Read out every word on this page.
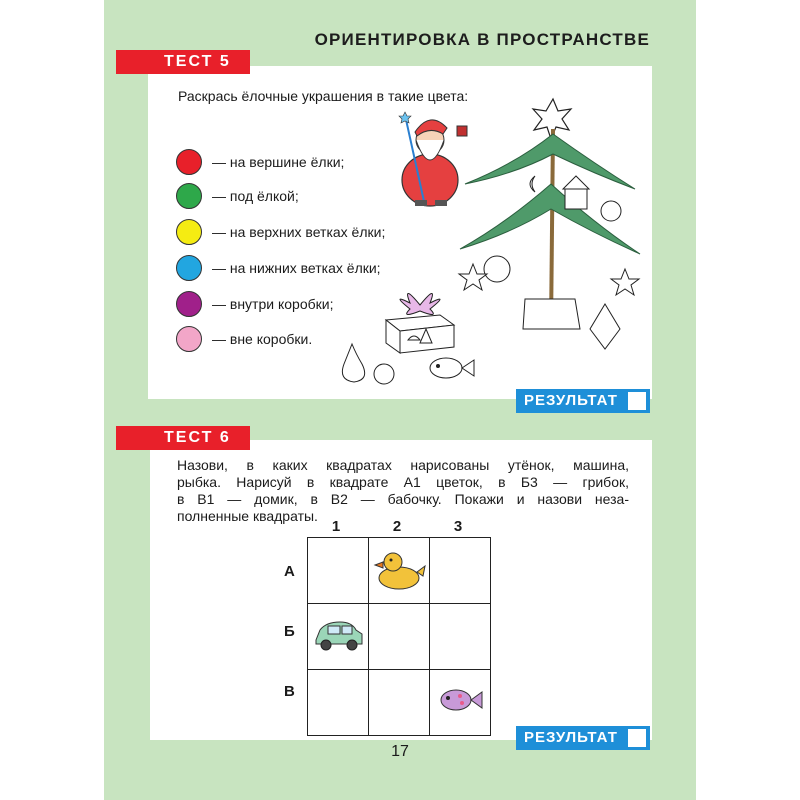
ОРИЕНТИРОВКА В ПРОСТРАНСТВЕ
ТЕСТ 5
Раскрась ёлочные украшения в такие цвета:
— на вершине ёлки;
— под ёлкой;
— на верхних ветках ёлки;
— на нижних ветках ёлки;
— внутри коробки;
— вне коробки.
РЕЗУЛЬТАТ
ТЕСТ 6
Назови, в каких квадратах нарисованы утёнок, машина,
рыбка. Нарисуй в квадрате А1 цветок, в Б3 — грибок,
в В1 — домик, в В2 — бабочку. Покажи и назови неза-
полненные квадраты.
1	2	3
А
Б
В

РЕЗУЛЬТАТ
17
